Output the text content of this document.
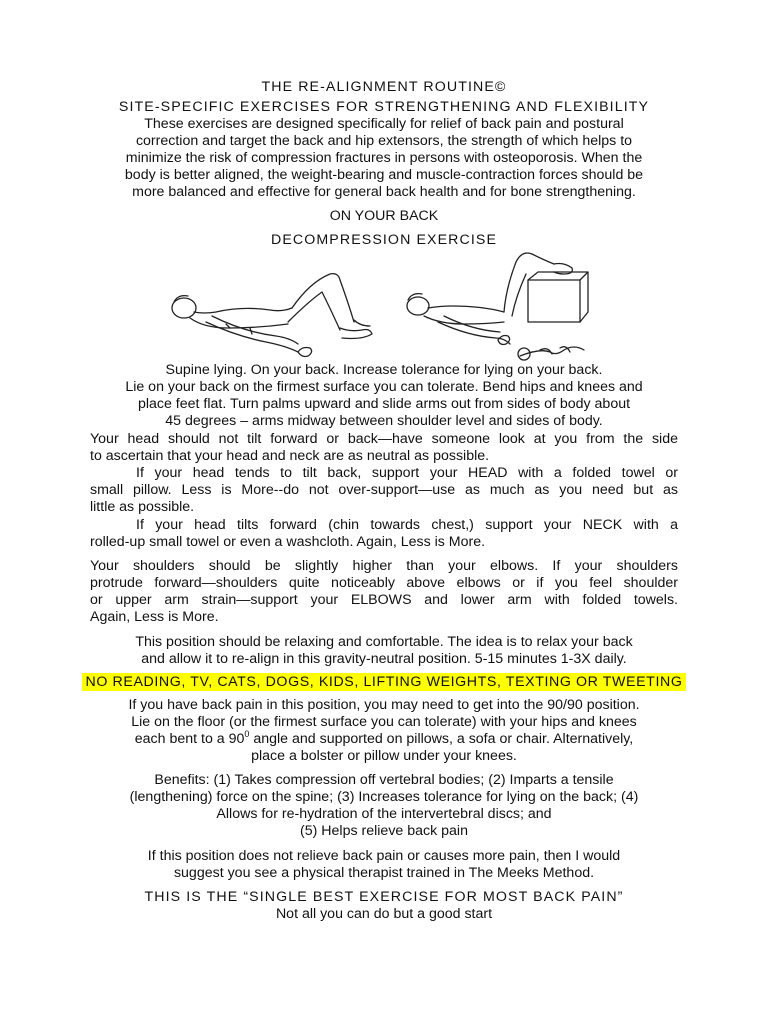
THE RE-ALIGNMENT ROUTINE©
SITE-SPECIFIC EXERCISES FOR STRENGTHENING AND FLEXIBILITY
These exercises are designed specifically for relief of back pain and postural
correction and target the back and hip extensors, the strength of which helps to
minimize the risk of compression fractures in persons with osteoporosis. When the
body is better aligned, the weight-bearing and muscle-contraction forces should be
more balanced and effective for general back health and for bone strengthening.
ON YOUR BACK
DECOMPRESSION EXERCISE
Supine lying. On your back. Increase tolerance for lying on your back.
Lie on your back on the firmest surface you can tolerate. Bend hips and knees and
place feet flat. Turn palms upward and slide arms out from sides of body about
45 degrees – arms midway between shoulder level and sides of body.
Your head should not tilt forward or back—have someone look at you from the side
to ascertain that your head and neck are as neutral as possible.
If your head tends to tilt back, support your HEAD with a folded towel or
small pillow. Less is More--do not over-support—use as much as you need but as
little as possible.
If your head tilts forward (chin towards chest,) support your NECK with a
rolled-up small towel or even a washcloth. Again, Less is More.
Your shoulders should be slightly higher than your elbows. If your shoulders
protrude forward—shoulders quite noticeably above elbows or if you feel shoulder
or upper arm strain—support your ELBOWS and lower arm with folded towels.
Again, Less is More.
This position should be relaxing and comfortable. The idea is to relax your back
and allow it to re-align in this gravity-neutral position. 5-15 minutes 1-3X daily.
NO READING, TV, CATS, DOGS, KIDS, LIFTING WEIGHTS, TEXTING OR TWEETING
If you have back pain in this position, you may need to get into the 90/90 position.
Lie on the floor (or the firmest surface you can tolerate) with your hips and knees
each bent to a $90^0$ angle and supported on pillows, a sofa or chair. Alternatively,
place a bolster or pillow under your knees.
Benefits: (1) Takes compression off vertebral bodies; (2) Imparts a tensile
(lengthening) force on the spine; (3) Increases tolerance for lying on the back; (4)
Allows for re-hydration of the intervertebral discs; and
(5) Helps relieve back pain
If this position does not relieve back pain or causes more pain, then I would
suggest you see a physical therapist trained in The Meeks Method.
THIS IS THE “SINGLE BEST EXERCISE FOR MOST BACK PAIN”
Not all you can do but a good start
